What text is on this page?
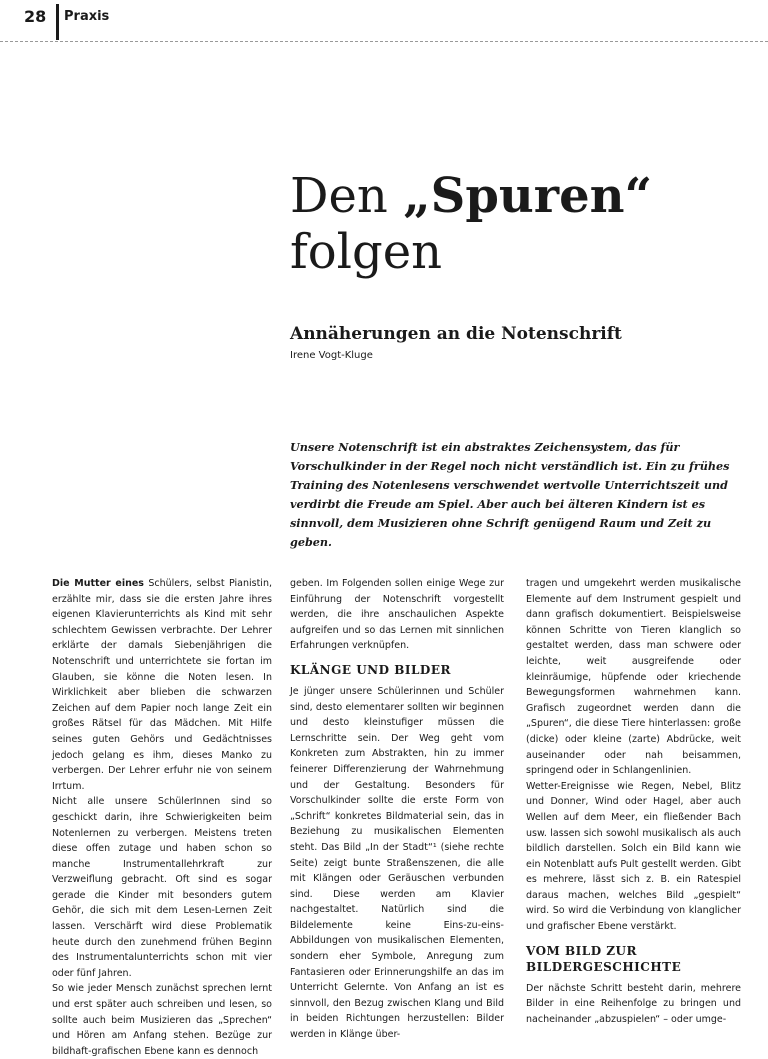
28 Praxis
Den „Spuren“
folgen
Annäherungen an die Notenschrift
Irene Vogt-Kluge

Unsere Notenschrift ist ein abstraktes Zeichensystem, das für Vorschulkinder in der Regel noch nicht verständlich ist. Ein zu frühes Training des Notenlesens verschwendet wertvolle Unterrichtszeit und verdirbt die Freude am Spiel. Aber auch bei älteren Kindern ist es sinnvoll, dem Musizieren ohne Schrift genügend Raum und Zeit zu geben.

Die Mutter eines Schülers, selbst Pianistin, erzählte mir, dass sie die ersten Jahre ihres eigenen Klavierunterrichts als Kind mit sehr schlechtem Gewissen verbrachte. Der Lehrer erklärte der damals Siebenjährigen die Notenschrift und unterrichtete sie fortan im Glauben, sie könne die Noten lesen. In Wirklichkeit aber blieben die schwarzen Zeichen auf dem Papier noch lange Zeit ein großes Rätsel für das Mädchen. Mit Hilfe seines guten Gehörs und Gedächtnisses jedoch gelang es ihm, dieses Manko zu verbergen. Der Lehrer erfuhr nie von seinem Irrtum.

Nicht alle unsere SchülerInnen sind so geschickt darin, ihre Schwierigkeiten beim Notenlernen zu verbergen. Meistens treten diese offen zutage und haben schon so manche Instrumentallehrkraft zur Verzweiflung gebracht. Oft sind es sogar gerade die Kinder mit besonders gutem Gehör, die sich mit dem Lesen-Lernen Zeit lassen. Verschärft wird diese Problematik heute durch den zunehmend frühen Beginn des Instrumentalunterrichts schon mit vier oder fünf Jahren.

So wie jeder Mensch zunächst sprechen lernt und erst später auch schreiben und lesen, so sollte auch beim Musizieren das „Sprechen“ und Hören am Anfang stehen. Bezüge zur bildhaft-grafischen Ebene kann es dennoch

geben. Im Folgenden sollen einige Wege zur Einführung der Notenschrift vorgestellt werden, die ihre anschaulichen Aspekte aufgreifen und so das Lernen mit sinnlichen Erfahrungen verknüpfen.

KLÄNGE UND BILDER

Je jünger unsere Schülerinnen und Schüler sind, desto elementarer sollten wir beginnen und desto kleinstufiger müssen die Lernschritte sein. Der Weg geht vom Konkreten zum Abstrakten, hin zu immer feinerer Differenzierung der Wahrnehmung und der Gestaltung. Besonders für Vorschulkinder sollte die erste Form von „Schrift“ konkretes Bildmaterial sein, das in Beziehung zu musikalischen Elementen steht. Das Bild „In der Stadt“¹ (siehe rechte Seite) zeigt bunte Straßenszenen, die alle mit Klängen oder Geräuschen verbunden sind. Diese werden am Klavier nachgestaltet. Natürlich sind die Bildelemente keine Eins-zu-eins-Abbildungen von musikalischen Elementen, sondern eher Symbole, Anregung zum Fantasieren oder Erinnerungshilfe an das im Unterricht Gelernte. Von Anfang an ist es sinnvoll, den Bezug zwischen Klang und Bild in beiden Richtungen herzustellen: Bilder werden in Klänge über-

tragen und umgekehrt werden musikalische Elemente auf dem Instrument gespielt und dann grafisch dokumentiert. Beispielsweise können Schritte von Tieren klanglich so gestaltet werden, dass man schwere oder leichte, weit ausgreifende oder kleinräumige, hüpfende oder kriechende Bewegungsformen wahrnehmen kann. Grafisch zugeordnet werden dann die „Spuren“, die diese Tiere hinterlassen: große (dicke) oder kleine (zarte) Abdrücke, weit auseinander oder nah beisammen, springend oder in Schlangenlinien.

Wetter-Ereignisse wie Regen, Nebel, Blitz und Donner, Wind oder Hagel, aber auch Wellen auf dem Meer, ein fließender Bach usw. lassen sich sowohl musikalisch als auch bildlich darstellen. Solch ein Bild kann wie ein Notenblatt aufs Pult gestellt werden. Gibt es mehrere, lässt sich z. B. ein Ratespiel daraus machen, welches Bild „gespielt“ wird. So wird die Verbindung von klanglicher und grafischer Ebene verstärkt.

VOM BILD ZUR BILDERGESCHICHTE

Der nächste Schritt besteht darin, mehrere Bilder in eine Reihenfolge zu bringen und nacheinander „abzuspielen“ – oder umge-
